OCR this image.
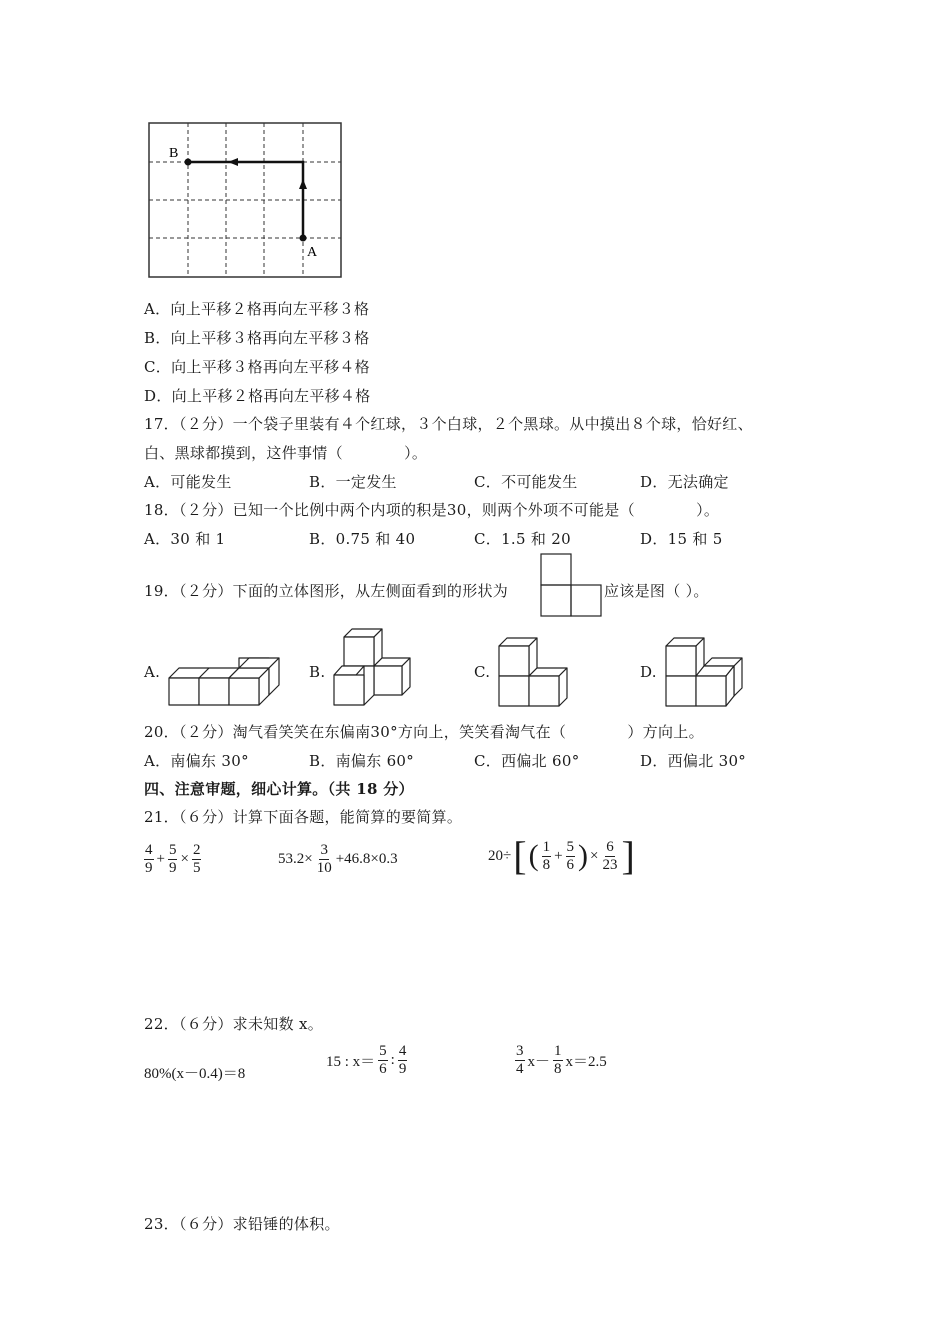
B
A
A．向上平移２格再向左平移３格
B．向上平移３格再向左平移３格
C．向上平移３格再向左平移４格
D．向上平移２格再向左平移４格
17．（２分）一个袋子里装有４个红球，３个白球，２个黑球。从中摸出８个球，恰好红、
白、黑球都摸到，这件事情（　　　　）。
A．可能发生	B．一定发生	C．不可能发生	D．无法确定
18．（２分）已知一个比例中两个内项的积是30，则两个外项不可能是（　　　　）。
A．30 和 1	B．0.75 和 40	C．1.5 和 20	D．15 和 5
19．（２分）下面的立体图形，从左侧面看到的形状为	应该是图（ ）。
A.	B.	C.	D.
20．（２分）淘气看笑笑在东偏南30°方向上，笑笑看淘气在（　　　　）方向上。
A．南偏东 30°	B．南偏东 60°	C．西偏北 60°	D．西偏北 30°
四、注意审题，细心计算。（共 18 分）
21．（６分）计算下面各题，能简算的要简算。
$\frac{4}{9} + \frac{5}{9} \times \frac{2}{5}$	$53.2\times \frac{3}{10} +46.8\times 0.3$	20÷ [ ( $\frac{1}{8} + \frac{5}{6}$ ) × $\frac{6}{23}$ ]
22．（６分）求未知数 x。
80%(x－0.4)＝8
15 : $x= \frac{5}{6}$ : $\frac{4}{9}$	$\frac{3}{4} x- \frac{1}{8} x=2.5$
23．（６分）求铅锤的体积。
